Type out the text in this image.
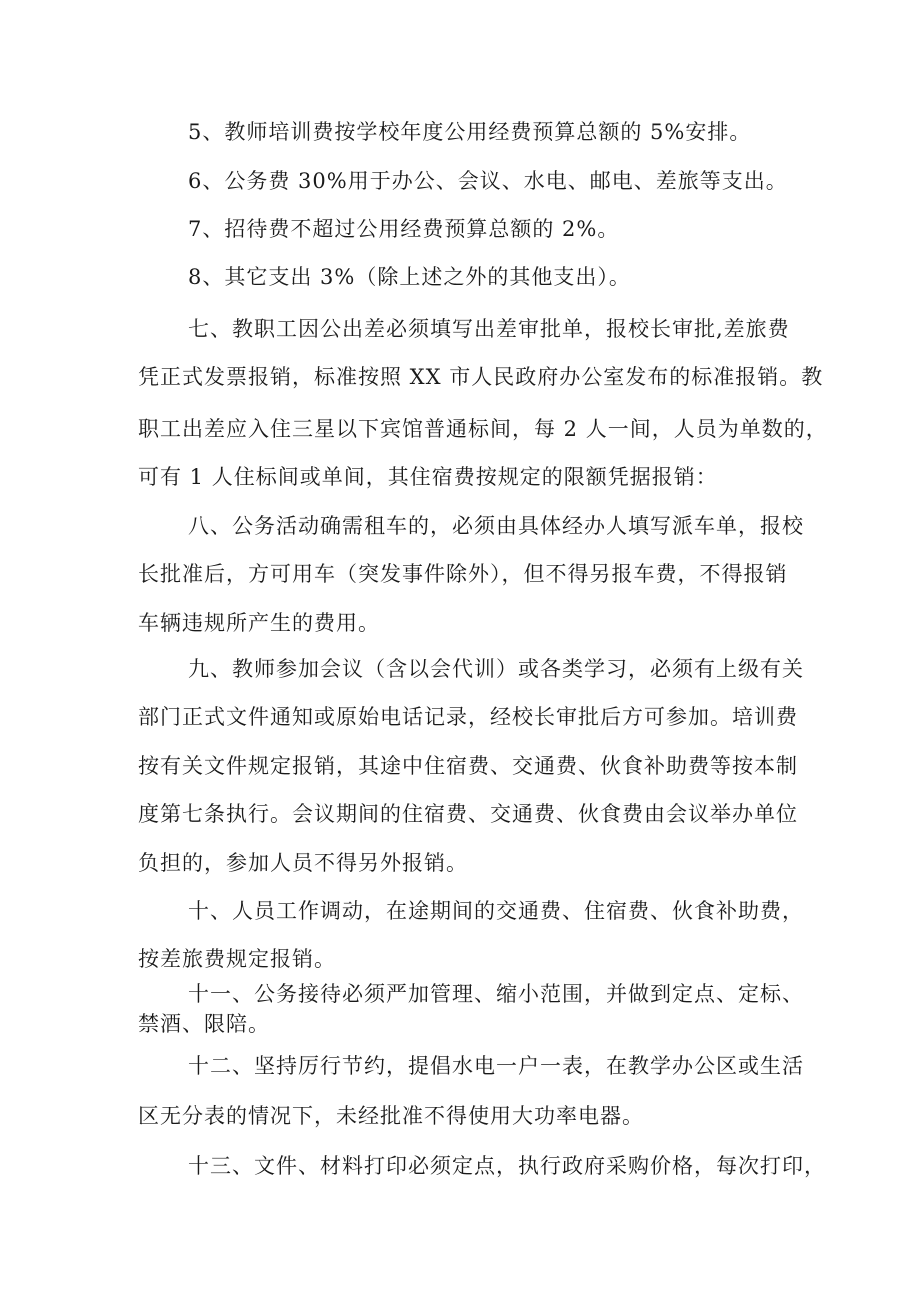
5、教师培训费按学校年度公用经费预算总额的 5%安排。
6、公务费 30%用于办公、会议、水电、邮电、差旅等支出。
7、招待费不超过公用经费预算总额的 2%。
8、其它支出 3%（除上述之外的其他支出）。
七、教职工因公出差必须填写出差审批单，报校长审批,差旅费
凭正式发票报销，标准按照 XX 市人民政府办公室发布的标准报销。教
职工出差应入住三星以下宾馆普通标间，每 2 人一间，人员为单数的，
可有 1 人住标间或单间，其住宿费按规定的限额凭据报销：
八、公务活动确需租车的，必须由具体经办人填写派车单，报校
长批准后，方可用车（突发事件除外），但不得另报车费，不得报销
车辆违规所产生的费用。
九、教师参加会议（含以会代训）或各类学习，必须有上级有关
部门正式文件通知或原始电话记录，经校长审批后方可参加。培训费
按有关文件规定报销，其途中住宿费、交通费、伙食补助费等按本制
度第七条执行。会议期间的住宿费、交通费、伙食费由会议举办单位
负担的，参加人员不得另外报销。
十、人员工作调动，在途期间的交通费、住宿费、伙食补助费，
按差旅费规定报销。
十一、公务接待必须严加管理、缩小范围，并做到定点、定标、
禁酒、限陪。
十二、坚持厉行节约，提倡水电一户一表，在教学办公区或生活
区无分表的情况下，未经批准不得使用大功率电器。
十三、文件、材料打印必须定点，执行政府采购价格，每次打印，
